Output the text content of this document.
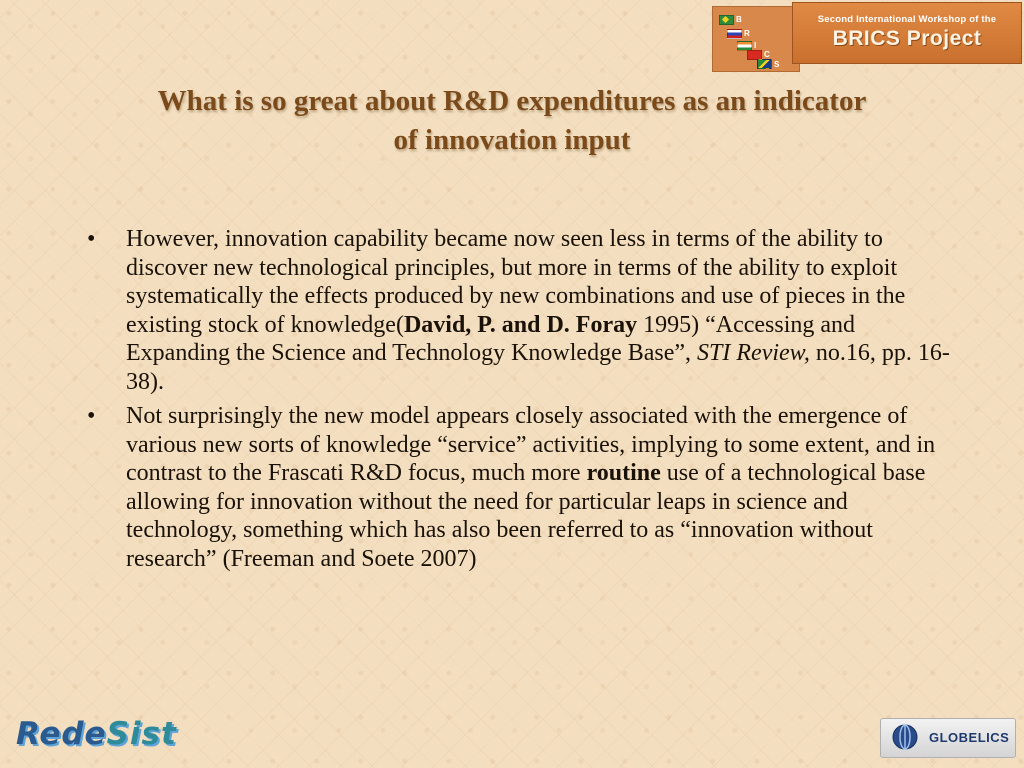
B
R
I
C
S
Second International Workshop of the
BRICS Project
What is so great about R&D expenditures as an indicator
of innovation input
• However, innovation capability became now seen less in terms of the ability to discover new technological principles, but more in terms of the ability to exploit systematically the effects produced by new combinations and use of pieces in the existing stock of knowledge(David, P. and D. Foray 1995) “Accessing and Expanding the Science and Technology Knowledge Base”, STI Review, no.16, pp. 16-38).
• Not surprisingly the new model appears closely associated with the emergence of various new sorts of knowledge “service” activities, implying to some extent, and in contrast to the Frascati R&D focus, much more routine use of a technological base allowing for innovation without the need for particular leaps in science and technology, something which has also been referred to as “innovation without research” (Freeman and Soete 2007)
RedeSist	GLOBELICS
